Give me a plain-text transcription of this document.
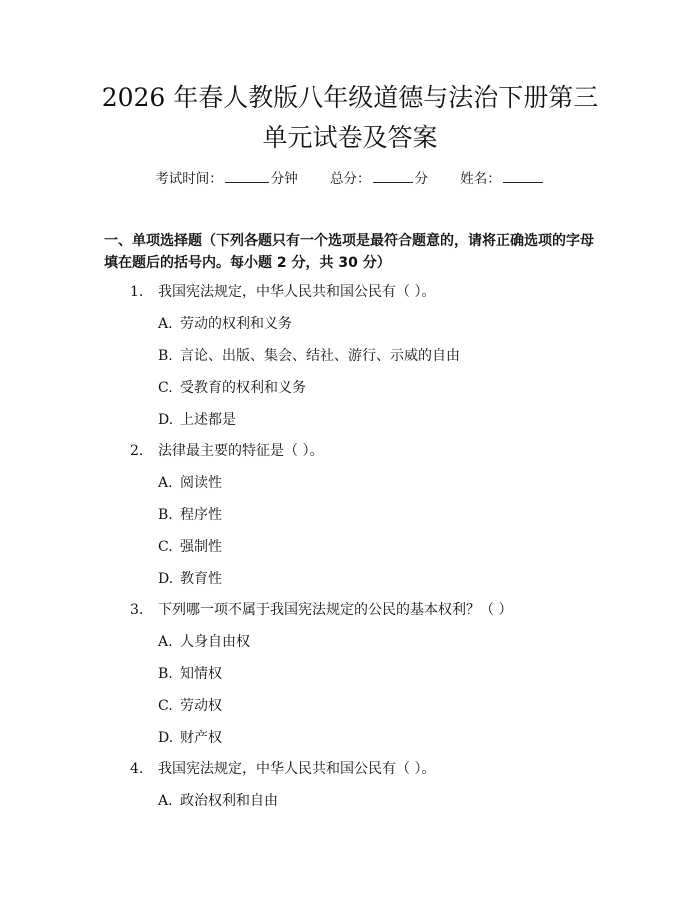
2026 年春人教版八年级道德与法治下册第三
单元试卷及答案
考试时间：	分钟 总分：	分 姓名：
一、单项选择题（下列各题只有一个选项是最符合题意的，请将正确选项的字母
填在题后的括号内。每小题 2 分，共 30 分）
1. 我国宪法规定，中华人民共和国公民有（ ）。
A. 劳动的权利和义务
B. 言论、出版、集会、结社、游行、示威的自由
C. 受教育的权利和义务
D. 上述都是
2. 法律最主要的特征是（ ）。
A. 阅读性
B. 程序性
C. 强制性
D. 教育性
3. 下列哪一项不属于我国宪法规定的公民的基本权利？（ ）
A. 人身自由权
B. 知情权
C. 劳动权
D. 财产权
4. 我国宪法规定，中华人民共和国公民有（ ）。
A. 政治权利和自由
